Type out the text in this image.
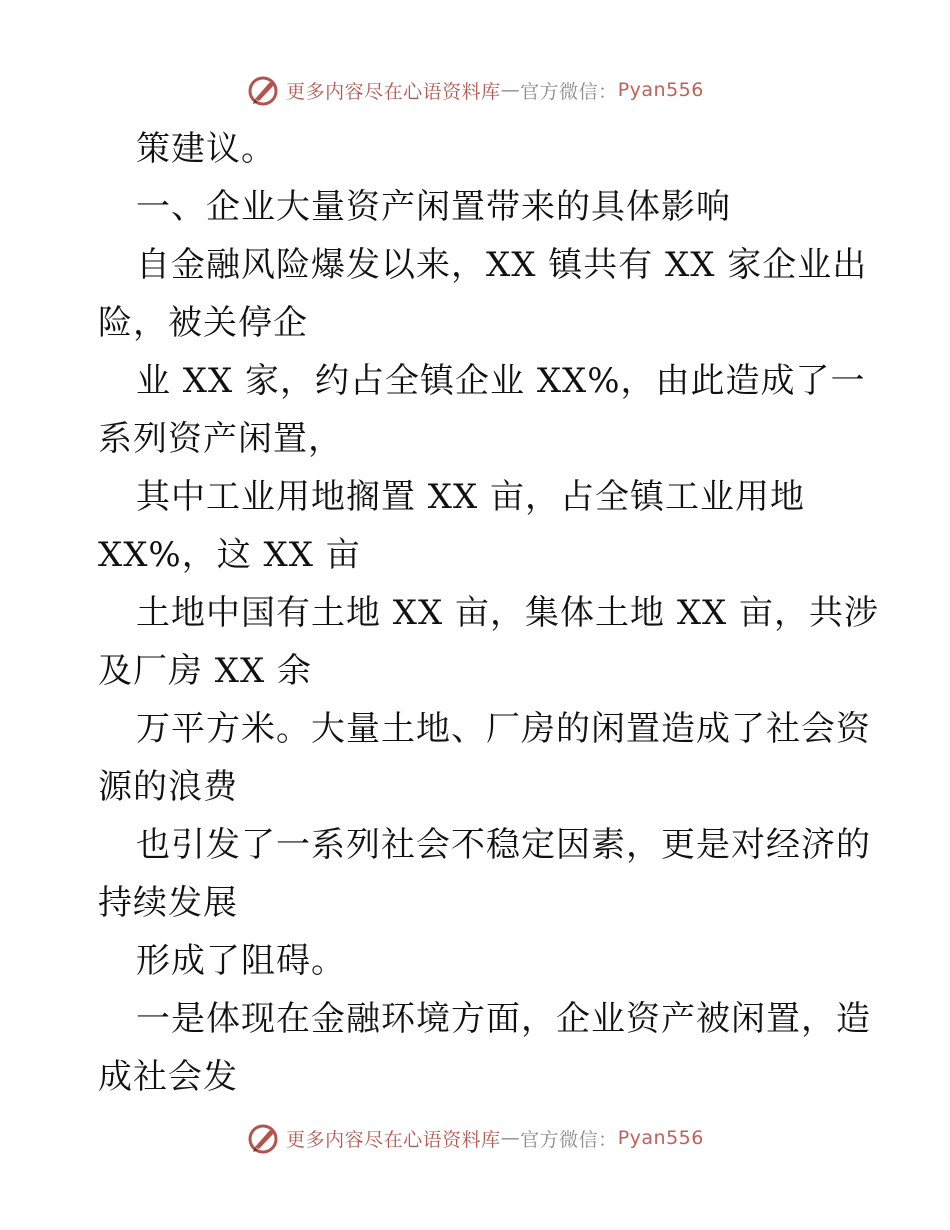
更多内容尽在心语资料库 — 官方微信： Pyan556
策建议。
一、企业大量资产闲置带来的具体影响
自金融风险爆发以来，XX 镇共有 XX 家企业出
险，被关停企
业 XX 家，约占全镇企业 XX%，由此造成了一
系列资产闲置，
其中工业用地搁置 XX 亩，占全镇工业用地
XX%，这 XX 亩
土地中国有土地 XX 亩，集体土地 XX 亩，共涉
及厂房 XX 余
万平方米。大量土地、厂房的闲置造成了社会资
源的浪费
也引发了一系列社会不稳定因素，更是对经济的
持续发展
形成了阻碍。
一是体现在金融环境方面，企业资产被闲置，造
成社会发
更多内容尽在心语资料库 — 官方微信： Pyan556
